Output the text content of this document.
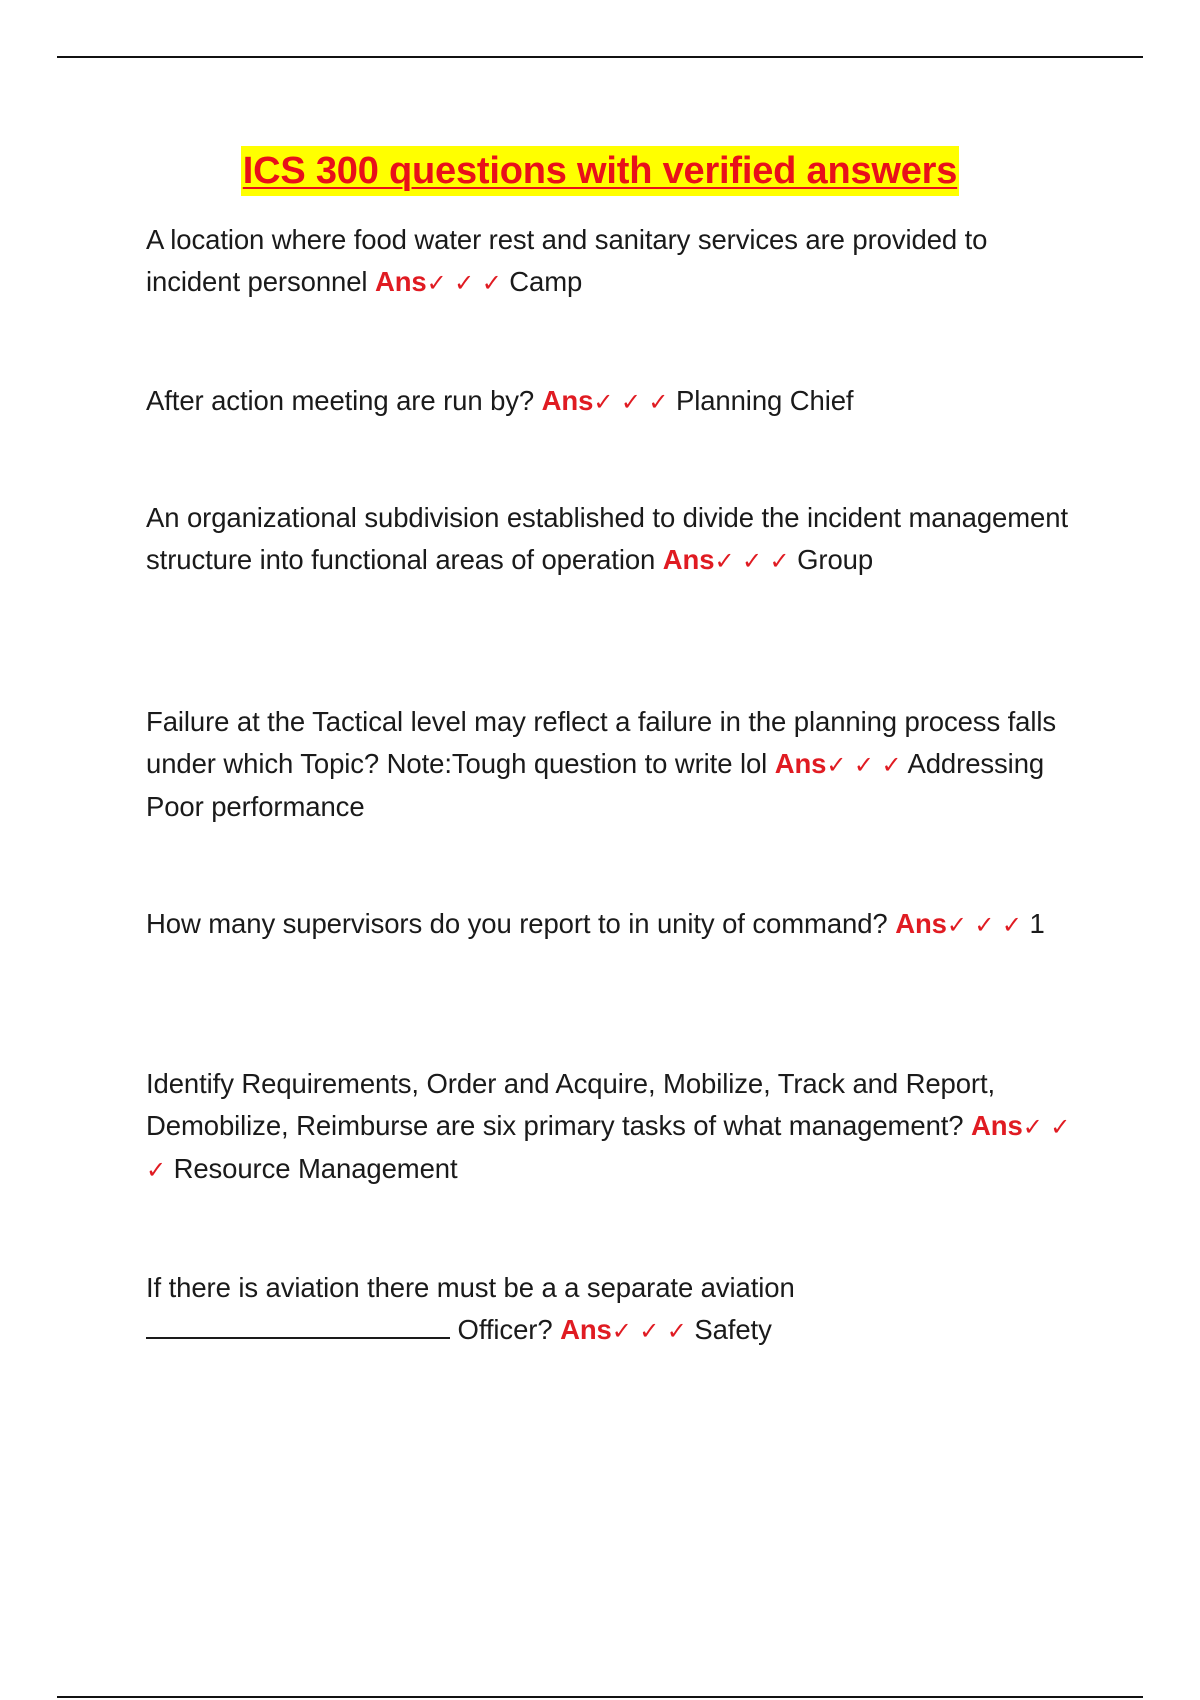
ICS 300 questions with verified answers

A location where food water rest and sanitary services are provided to incident personnel Ans✓ ✓ ✓ Camp

After action meeting are run by? Ans✓ ✓ ✓ Planning Chief

An organizational subdivision established to divide the incident management structure into functional areas of operation Ans✓ ✓ ✓ Group

Failure at the Tactical level may reflect a failure in the planning process falls under which Topic? Note:Tough question to write lol Ans✓ ✓ ✓ Addressing Poor performance

How many supervisors do you report to in unity of command? Ans✓ ✓ ✓ 1

Identify Requirements, Order and Acquire, Mobilize, Track and Report, Demobilize, Reimburse are six primary tasks of what management? Ans✓ ✓ ✓ Resource Management

If there is aviation there must be a a separate aviation
Officer? Ans✓ ✓ ✓ Safety
